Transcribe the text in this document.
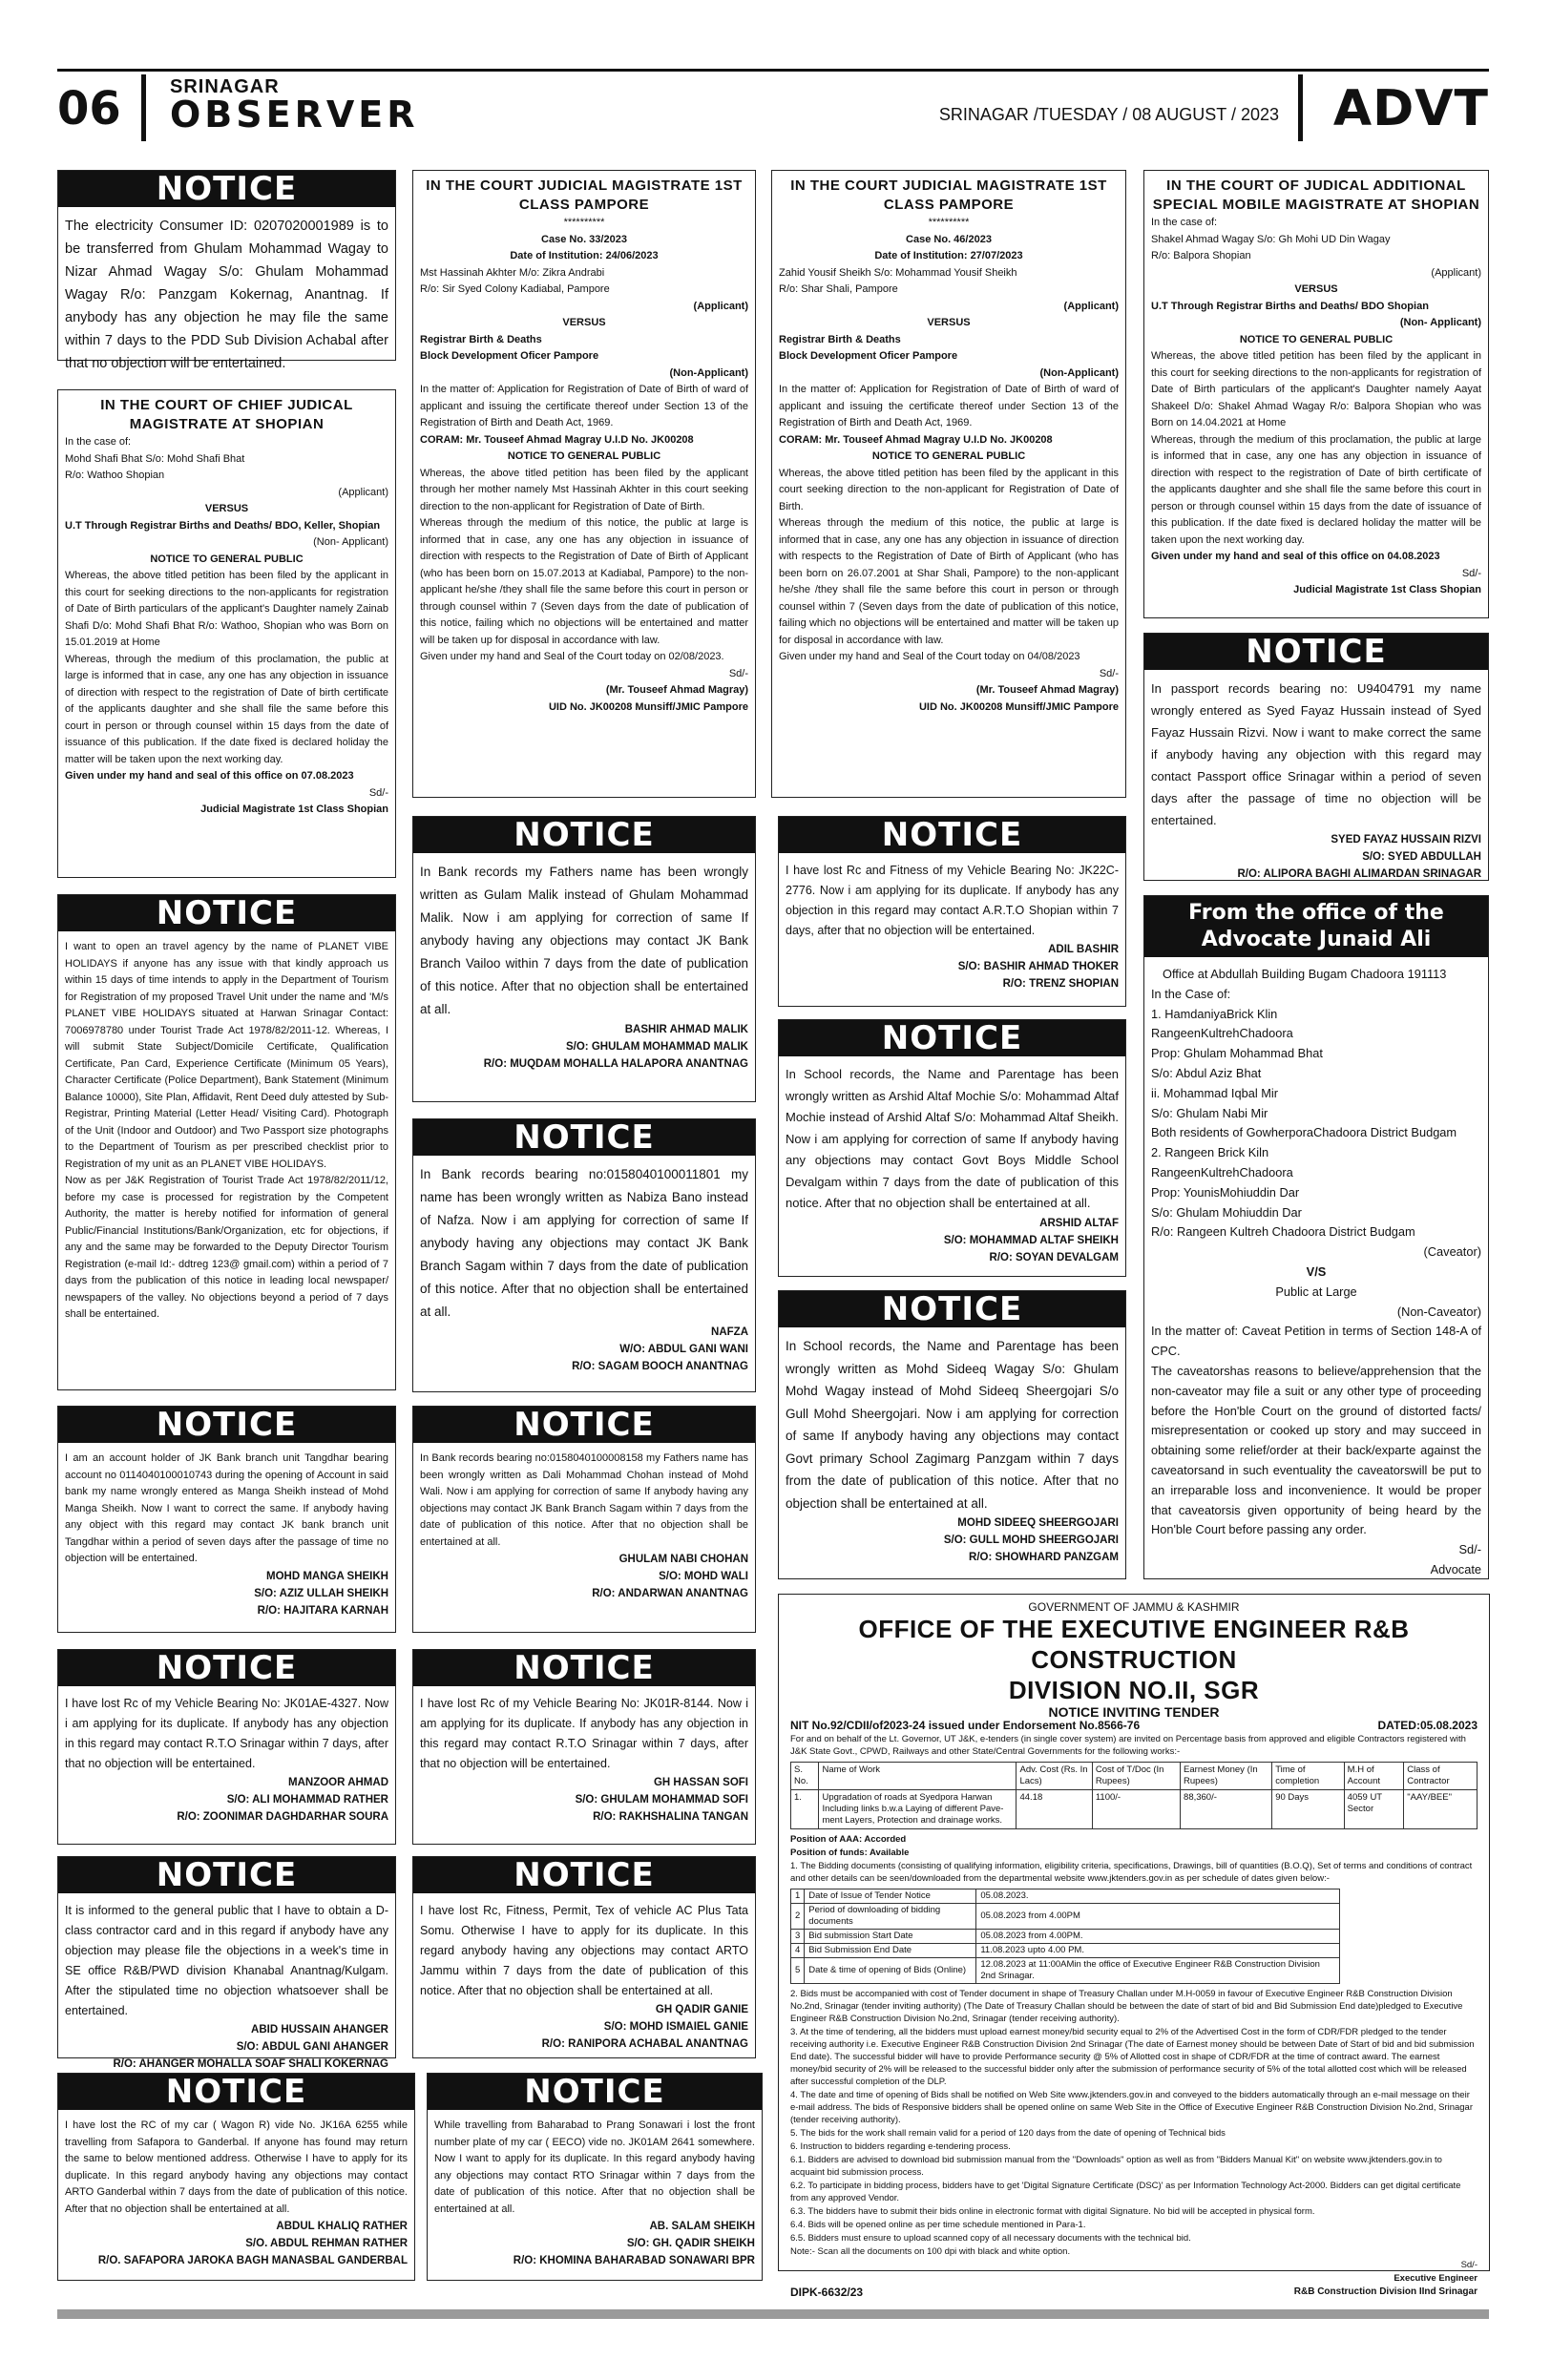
06	SRINAGAR
OBSERVER	SRINAGAR /TUESDAY / 08 AUGUST / 2023 ADVT
NOTICE

The electricity Consumer ID: 0207020001989 is to be transferred from Ghulam Mohammad Wagay to Nizar Ahmad Wagay S/o: Ghulam Mohammad Wagay R/o: Panzgam Kokernag, Anantnag. If anybody has any objection he may file the same within 7 days to the PDD Sub Division Achabal after that no objection will be entertained.

IN THE COURT OF CHIEF JUDICAL MAGISTRATE AT SHOPIAN

In the case of:

Mohd Shafi Bhat S/o: Mohd Shafi Bhat

R/o: Wathoo Shopian

(Applicant)

VERSUS

U.T Through Registrar Births and Deaths/ BDO, Keller, Shopian

(Non- Applicant)

NOTICE TO GENERAL PUBLIC

Whereas, the above titled petition has been filed by the applicant in this court for seeking directions to the non-applicants for registration of Date of Birth particulars of the applicant's Daughter namely Zainab Shafi D/o: Mohd Shafi Bhat R/o: Wathoo, Shopian who was Born on 15.01.2019 at Home

Whereas, through the medium of this proclamation, the public at large is informed that in case, any one has any objection in issuance of direction with respect to the registration of Date of birth certificate of the applicants daughter and she shall file the same before this court in person or through counsel within 15 days from the date of issuance of this publication. If the date fixed is declared holiday the matter will be taken upon the next working day.

Given under my hand and seal of this office on 07.08.2023

Sd/-

Judicial Magistrate 1st Class Shopian

NOTICE

I want to open an travel agency by the name of PLANET VIBE HOLIDAYS if anyone has any issue with that kindly approach us within 15 days of time intends to apply in the Department of Tourism for Registration of my proposed Travel Unit under the name and 'M/s PLANET VIBE HOLIDAYS situated at Harwan Srinagar Contact: 7006978780 under Tourist Trade Act 1978/82/2011-12. Whereas, I will submit State Subject/Domicile Certificate, Qualification Certificate, Pan Card, Experience Certificate (Minimum 05 Years), Character Certificate (Police Department), Bank Statement (Minimum Balance 10000), Site Plan, Affidavit, Rent Deed duly attested by Sub-Registrar, Printing Material (Letter Head/ Visiting Card). Photograph of the Unit (Indoor and Outdoor) and Two Passport size photographs to the Department of Tourism as per prescribed checklist prior to Registration of my unit as an PLANET VIBE HOLIDAYS.

Now as per J&K Registration of Tourist Trade Act 1978/82/2011/12, before my case is processed for registration by the Competent Authority, the matter is hereby notified for information of general Public/Financial Institutions/Bank/Organization, etc for objections, if any and the same may be forwarded to the Deputy Director Tourism Registration (e-mail Id:- ddtreg 123@ gmail.com) within a period of 7 days from the publication of this notice in leading local newspaper/ newspapers of the valley. No objections beyond a period of 7 days shall be entertained.

NOTICE

I am an account holder of JK Bank branch unit Tangdhar bearing account no 0114040100010743 during the opening of Account in said bank my name wrongly entered as Manga Sheikh instead of Mohd Manga Sheikh. Now I want to correct the same. If anybody having any object with this regard may contact JK bank branch unit Tangdhar within a period of seven days after the passage of time no objection will be entertained.

MOHD MANGA SHEIKH
S/O: AZIZ ULLAH SHEIKH
R/O: HAJITARA KARNAH
NOTICE

I have lost Rc of my Vehicle Bearing No: JK01AE-4327. Now i am applying for its duplicate. If anybody has any objection in this regard may contact R.T.O Srinagar within 7 days, after that no objection will be entertained.

MANZOOR AHMAD
S/O: ALI MOHAMMAD RATHER
R/O: ZOONIMAR DAGHDARHAR SOURA
NOTICE

It is informed to the general public that I have to obtain a D-class contractor card and in this regard if anybody have any objection may please file the objections in a week's time in SE office R&B/PWD division Khanabal Anantnag/Kulgam. After the stipulated time no objection whatsoever shall be entertained.

ABID HUSSAIN AHANGER
S/O: ABDUL GANI AHANGER
R/O: AHANGER MOHALLA SOAF SHALI KOKERNAG
NOTICE

I have lost the RC of my car ( Wagon R) vide No. JK16A 6255 while travelling from Safapora to Ganderbal. If anyone has found may return the same to below mentioned address. Otherwise I have to apply for its duplicate. In this regard anybody having any objections may contact ARTO Ganderbal within 7 days from the date of publication of this notice. After that no objection shall be entertained at all.

ABDUL KHALIQ RATHER
S/O. ABDUL REHMAN RATHER
R/O. SAFAPORA JAROKA BAGH MANASBAL GANDERBAL
IN THE COURT JUDICIAL MAGISTRATE 1ST CLASS PAMPORE

**********

Case No. 33/2023

Date of Institution: 24/06/2023

Mst Hassinah Akhter M/o: Zikra Andrabi

R/o: Sir Syed Colony Kadiabal, Pampore

(Applicant)

VERSUS

Registrar Birth & Deaths

Block Development Oficer Pampore

(Non-Applicant)

In the matter of: Application for Registration of Date of Birth of ward of applicant and issuing the certificate thereof under Section 13 of the Registration of Birth and Death Act, 1969.

CORAM: Mr. Touseef Ahmad Magray U.I.D No. JK00208

NOTICE TO GENERAL PUBLIC

Whereas, the above titled petition has been filed by the applicant through her mother namely Mst Hassinah Akhter in this court seeking direction to the non-applicant for Registration of Date of Birth.

Whereas through the medium of this notice, the public at large is informed that in case, any one has any objection in issuance of direction with respects to the Registration of Date of Birth of Applicant (who has been born on 15.07.2013 at Kadiabal, Pampore) to the non-applicant he/she /they shall file the same before this court in person or through counsel within 7 (Seven days from the date of publication of this notice, failing which no objections will be entertained and matter will be taken up for disposal in accordance with law.

Given under my hand and Seal of the Court today on 02/08/2023.

Sd/-

(Mr. Touseef Ahmad Magray)

UID No. JK00208 Munsiff/JMIC Pampore

NOTICE

In Bank records my Fathers name has been wrongly written as Gulam Malik instead of Ghulam Mohammad Malik. Now i am applying for correction of same If anybody having any objections may contact JK Bank Branch Vailoo within 7 days from the date of publication of this notice. After that no objection shall be entertained at all.

BASHIR AHMAD MALIK
S/O: GHULAM MOHAMMAD MALIK
R/O: MUQDAM MOHALLA HALAPORA ANANTNAG
NOTICE

In Bank records bearing no:0158040100011801 my name has been wrongly written as Nabiza Bano instead of Nafza. Now i am applying for correction of same If anybody having any objections may contact JK Bank Branch Sagam within 7 days from the date of publication of this notice. After that no objection shall be entertained at all.

NAFZA
W/O: ABDUL GANI WANI
R/O: SAGAM BOOCH ANANTNAG
NOTICE

In Bank records bearing no:0158040100008158 my Fathers name has been wrongly written as Dali Mohammad Chohan instead of Mohd Wali. Now i am applying for correction of same If anybody having any objections may contact JK Bank Branch Sagam within 7 days from the date of publication of this notice. After that no objection shall be entertained at all.

GHULAM NABI CHOHAN
S/O: MOHD WALI
R/O: ANDARWAN ANANTNAG
NOTICE

I have lost Rc of my Vehicle Bearing No: JK01R-8144. Now i am applying for its duplicate. If anybody has any objection in this regard may contact R.T.O Srinagar within 7 days, after that no objection will be entertained.

GH HASSAN SOFI
S/O: GHULAM MOHAMMAD SOFI
R/O: RAKHSHALINA TANGAN
NOTICE

I have lost Rc, Fitness, Permit, Tex of vehicle AC Plus Tata Somu. Otherwise I have to apply for its duplicate. In this regard anybody having any objections may contact ARTO Jammu within 7 days from the date of publication of this notice. After that no objection shall be entertained at all.

GH QADIR GANIE
S/O: MOHD ISMAIEL GANIE
R/O: RANIPORA ACHABAL ANANTNAG
NOTICE

While travelling from Baharabad to Prang Sonawari i lost the front number plate of my car ( EECO) vide no. JK01AM 2641 somewhere. Now I want to apply for its duplicate. In this regard anybody having any objections may contact RTO Srinagar within 7 days from the date of publication of this notice. After that no objection shall be entertained at all.

AB. SALAM SHEIKH
S/O: GH. QADIR SHEIKH
R/O: KHOMINA BAHARABAD SONAWARI BPR
IN THE COURT JUDICIAL MAGISTRATE 1ST CLASS PAMPORE

**********

Case No. 46/2023

Date of Institution: 27/07/2023

Zahid Yousif Sheikh S/o: Mohammad Yousif Sheikh

R/o: Shar Shali, Pampore

(Applicant)

VERSUS

Registrar Birth & Deaths

Block Development Oficer Pampore

(Non-Applicant)

In the matter of: Application for Registration of Date of Birth of ward of applicant and issuing the certificate thereof under Section 13 of the Registration of Birth and Death Act, 1969.

CORAM: Mr. Touseef Ahmad Magray U.I.D No. JK00208

NOTICE TO GENERAL PUBLIC

Whereas, the above titled petition has been filed by the applicant in this court seeking direction to the non-applicant for Registration of Date of Birth.

Whereas through the medium of this notice, the public at large is informed that in case, any one has any objection in issuance of direction with respects to the Registration of Date of Birth of Applicant (who has been born on 26.07.2001 at Shar Shali, Pampore) to the non-applicant he/she /they shall file the same before this court in person or through counsel within 7 (Seven days from the date of publication of this notice, failing which no objections will be entertained and matter will be taken up for disposal in accordance with law.

Given under my hand and Seal of the Court today on 04/08/2023

Sd/-

(Mr. Touseef Ahmad Magray)

UID No. JK00208 Munsiff/JMIC Pampore

NOTICE

I have lost Rc and Fitness of my Vehicle Bearing No: JK22C-2776. Now i am applying for its duplicate. If anybody has any objection in this regard may contact A.R.T.O Shopian within 7 days, after that no objection will be entertained.

ADIL BASHIR
S/O: BASHIR AHMAD THOKER
R/O: TRENZ SHOPIAN
NOTICE

In School records, the Name and Parentage has been wrongly written as Arshid Altaf Mochie S/o: Mohammad Altaf Mochie instead of Arshid Altaf S/o: Mohammad Altaf Sheikh. Now i am applying for correction of same If anybody having any objections may contact Govt Boys Middle School Devalgam within 7 days from the date of publication of this notice. After that no objection shall be entertained at all.

ARSHID ALTAF
S/O: MOHAMMAD ALTAF SHEIKH
R/O: SOYAN DEVALGAM
NOTICE

In School records, the Name and Parentage has been wrongly written as Mohd Sideeq Wagay S/o: Ghulam Mohd Wagay instead of Mohd Sideeq Sheergojari S/o Gull Mohd Sheergojari. Now i am applying for correction of same If anybody having any objections may contact Govt primary School Zagimarg Panzgam within 7 days from the date of publication of this notice. After that no objection shall be entertained at all.

MOHD SIDEEQ SHEERGOJARI
S/O: GULL MOHD SHEERGOJARI
R/O: SHOWHARD PANZGAM
GOVERNMENT OF JAMMU & KASHMIR
OFFICE OF THE EXECUTIVE ENGINEER R&B CONSTRUCTION
DIVISION NO.II, SGR
NOTICE INVITING TENDER
NIT No.92/CDII/of2023-24 issued under Endorsement No.8566-76	DATED:05.08.2023

For and on behalf of the Lt. Governor, UT J&K, e-tenders (in single cover system) are invited on Percentage basis from approved and eligible Contractors registered with J&K State Govt., CPWD, Railways and other State/Central Governments for the following works:-

S. No.	Name of Work	Adv. Cost (Rs. In Lacs)	Cost of T/Doc (In Rupees)	Earnest Money (In Rupees)	Time of completion	M.H of Account	Class of Contractor
1.	Upgradation of roads at Syedpora Harwan Including links b.w.a Laying of different Pave-ment Layers, Protection and drainage works.	44.18	1100/-	88,360/-	90 Days	4059 UT Sector	"AAY/BEE"

Position of AAA: Accorded

Position of funds: Available

1. The Bidding documents (consisting of qualifying information, eligibility criteria, specifications, Drawings, bill of quantities (B.O.Q), Set of terms and conditions of contract and other details can be seen/downloaded from the departmental website www.jktenders.gov.in as per schedule of dates given below:-

1	Date of Issue of Tender Notice	05.08.2023.
2	Period of downloading of bidding documents	05.08.2023 from 4.00PM
3	Bid submission Start Date	05.08.2023 from 4.00PM.
4	Bid Submission End Date	11.08.2023 upto 4.00 PM.
5	Date & time of opening of Bids (Online)	12.08.2023 at 11:00AMin the office of Executive Engineer R&B Construction Division 2nd Srinagar.

2. Bids must be accompanied with cost of Tender document in shape of Treasury Challan under M.H-0059 in favour of Executive Engineer R&B Construction Division No.2nd, Srinagar (tender inviting authority) (The Date of Treasury Challan should be between the date of start of bid and Bid Submission End date)pledged to Executive Engineer R&B Construction Division No.2nd, Srinagar (tender receiving authority).

3. At the time of tendering, all the bidders must upload earnest money/bid security equal to 2% of the Advertised Cost in the form of CDR/FDR pledged to the tender receiving authority i.e. Executive Engineer R&B Construction Division 2nd Srinagar (The date of Earnest money should be between Date of Start of bid and bid submission End date). The successful bidder will have to provide Performance security @ 5% of Allotted cost in shape of CDR/FDR at the time of contract award. The earnest money/bid security of 2% will be released to the successful bidder only after the submission of performance security of 5% of the total allotted cost which will be released after successful completion of the DLP.

4. The date and time of opening of Bids shall be notified on Web Site www.jktenders.gov.in and conveyed to the bidders automatically through an e-mail message on their e-mail address. The bids of Responsive bidders shall be opened online on same Web Site in the Office of Executive Engineer R&B Construction Division No.2nd, Srinagar (tender receiving authority).

5. The bids for the work shall remain valid for a period of 120 days from the date of opening of Technical bids

6. Instruction to bidders regarding e-tendering process.

6.1. Bidders are advised to download bid submission manual from the "Downloads" option as well as from "Bidders Manual Kit" on website www.jktenders.gov.in to acquaint bid submission process.

6.2. To participate in bidding process, bidders have to get 'Digital Signature Certificate (DSC)' as per Information Technology Act-2000. Bidders can get digital certificate from any approved Vendor.

6.3. The bidders have to submit their bids online in electronic format with digital Signature. No bid will be accepted in physical form.

6.4. Bids will be opened online as per time schedule mentioned in Para-1.

6.5. Bidders must ensure to upload scanned copy of all necessary documents with the technical bid.

Note:- Scan all the documents on 100 dpi with black and white option.

Sd/-

Executive Engineer

DIPK-6632/23	R&B Construction Division IInd Srinagar
IN THE COURT OF JUDICAL ADDITIONAL SPECIAL MOBILE MAGISTRATE AT SHOPIAN

In the case of:

Shakel Ahmad Wagay S/o: Gh Mohi UD Din Wagay

R/o: Balpora Shopian

(Applicant)

VERSUS

U.T Through Registrar Births and Deaths/ BDO Shopian

(Non- Applicant)

NOTICE TO GENERAL PUBLIC

Whereas, the above titled petition has been filed by the applicant in this court for seeking directions to the non-applicants for registration of Date of Birth particulars of the applicant's Daughter namely Aayat Shakeel D/o: Shakel Ahmad Wagay R/o: Balpora Shopian who was Born on 14.04.2021 at Home

Whereas, through the medium of this proclamation, the public at large is informed that in case, any one has any objection in issuance of direction with respect to the registration of Date of birth certificate of the applicants daughter and she shall file the same before this court in person or through counsel within 15 days from the date of issuance of this publication. If the date fixed is declared holiday the matter will be taken upon the next working day.

Given under my hand and seal of this office on 04.08.2023

Sd/-

Judicial Magistrate 1st Class Shopian

NOTICE

In passport records bearing no: U9404791 my name wrongly entered as Syed Fayaz Hussain instead of Syed Fayaz Hussain Rizvi. Now i want to make correct the same if anybody having any objection with this regard may contact Passport office Srinagar within a period of seven days after the passage of time no objection will be entertained.

SYED FAYAZ HUSSAIN RIZVI
S/O: SYED ABDULLAH
R/O: ALIPORA BAGHI ALIMARDAN SRINAGAR
From the office of the Advocate Junaid Ali

Office at Abdullah Building Bugam Chadoora 191113

In the Case of:

1. HamdaniyaBrick Klin

RangeenKultrehChadoora

Prop: Ghulam Mohammad Bhat

S/o: Abdul Aziz Bhat

ii. Mohammad Iqbal Mir

S/o: Ghulam Nabi Mir

Both residents of GowherporaChadoora District Budgam

2. Rangeen Brick Kiln

RangeenKultrehChadoora

Prop: YounisMohiuddin Dar

S/o: Ghulam Mohiuddin Dar

R/o: Rangeen Kultreh Chadoora District Budgam

(Caveator)

V/S

Public at Large

(Non-Caveator)

In the matter of: Caveat Petition in terms of Section 148-A of CPC.

The caveatorshas reasons to believe/apprehension that the non-caveator may file a suit or any other type of proceeding before the Hon'ble Court on the ground of distorted facts/ misrepresentation or cooked up story and may succeed in obtaining some relief/order at their back/exparte against the caveatorsand in such eventuality the caveatorswill be put to an irreparable loss and inconvenience. It would be proper that caveatorsis given opportunity of being heard by the Hon'ble Court before passing any order.

Sd/-

Advocate
